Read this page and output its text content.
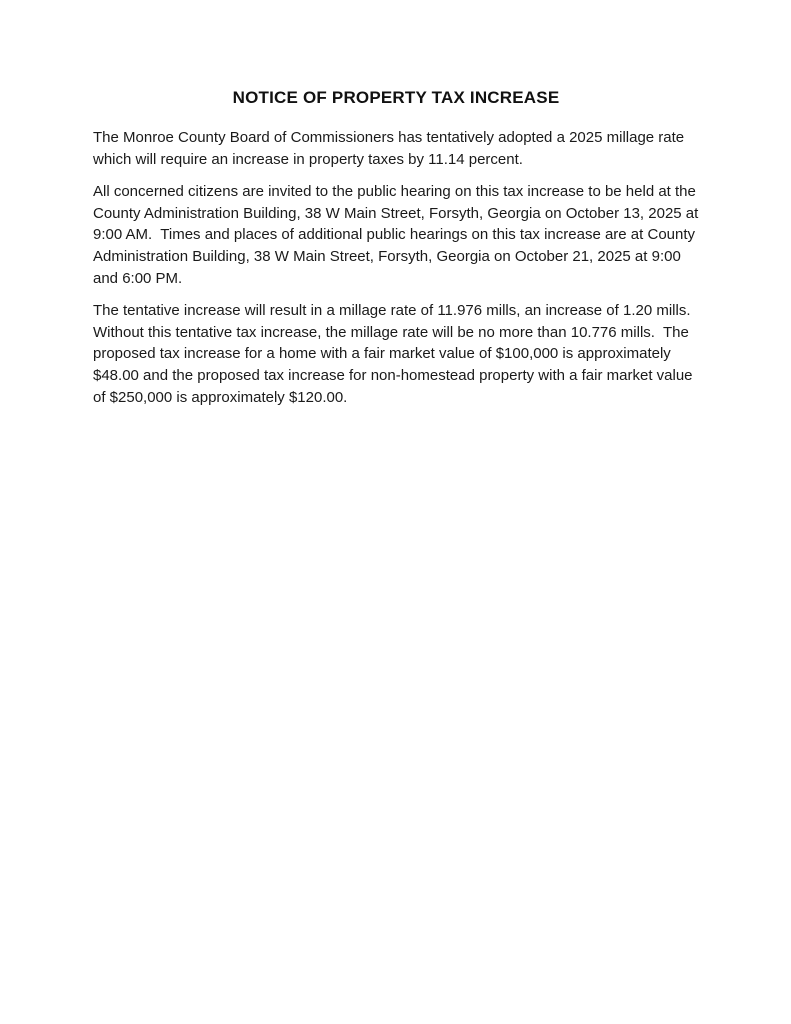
NOTICE OF PROPERTY TAX INCREASE

The Monroe County Board of Commissioners has tentatively adopted a 2025 millage rate which will require an increase in property taxes by 11.14 percent.

All concerned citizens are invited to the public hearing on this tax increase to be held at the County Administration Building, 38 W Main Street, Forsyth, Georgia on October 13, 2025 at 9:00 AM.  Times and places of additional public hearings on this tax increase are at County Administration Building, 38 W Main Street, Forsyth, Georgia on October 21, 2025 at 9:00 and 6:00 PM.

The tentative increase will result in a millage rate of 11.976 mills, an increase of 1.20 mills. Without this tentative tax increase, the millage rate will be no more than 10.776 mills.  The proposed tax increase for a home with a fair market value of $100,000 is approximately $48.00 and the proposed tax increase for non-homestead property with a fair market value of $250,000 is approximately $120.00.
